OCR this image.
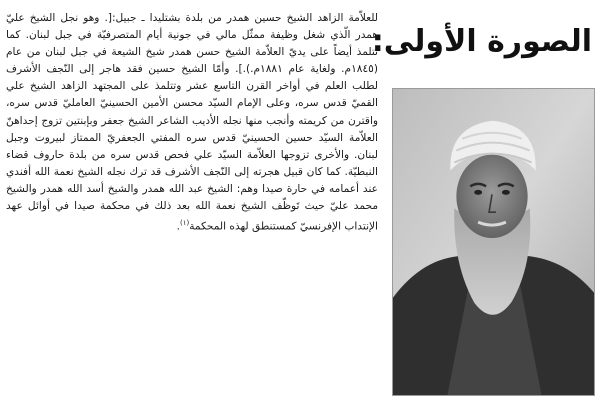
الصورة الأولى:

للعلاّمة الزاهد الشيخ حسين همدر من بلدة بشتليدا ـ جبيل:[. وهو نجل الشيخ عليّ همدر الّذي شغل وظيفة ممثّل مالي في جونية أيام المتصرفيّة في جبل لبنان. كما تتلمذ أيضاً على يديّ العلاّمة الشيخ حسن همدر شيخ الشيعة في جبل لبنان من عام (١٨٤٥م. ولغاية عام ١٨٨١م.).]. وأمّا الشيخ حسين فقد هاجر إلى النّجف الأشرف لطلب العلم في أواخر القرن التاسع عشر وتتلمذ على المجتهد الزاهد الشيخ علي القميّ قدس سره، وعلى الإمام السيّد محسن الأمين الحسينيّ العامليّ قدس سره، واقترن من كريمته وأنجب منها نجله الأديب الشاعر الشيخ جعفر وبإبنتين تزوج إحداهنّ العلاّمة السيّد حسين الحسينيّ قدس سره المفتي الجعفريّ الممتاز لبيروت وجبل لبنان. والأخرى تزوجها العلاّمة السيّد علي فحص قدس سره من بلدة حاروف قضاء النبطيّة. كما كان قبيل هجرته إلى النّجف الأشرف قد ترك نجله الشيخ نعمة الله أفندي عند أعمامه في حارة صيدا وهم: الشيخ عبد الله همدر والشيخ أسد الله همدر والشيخ محمد عليّ حيث تَوظّف الشيخ نعمة الله بعد ذلك في محكمة صيدا في أوائل عهد الإنتداب الإفرنسيّ كمستنطق لهذه المحكمة$^{(١)}$.
